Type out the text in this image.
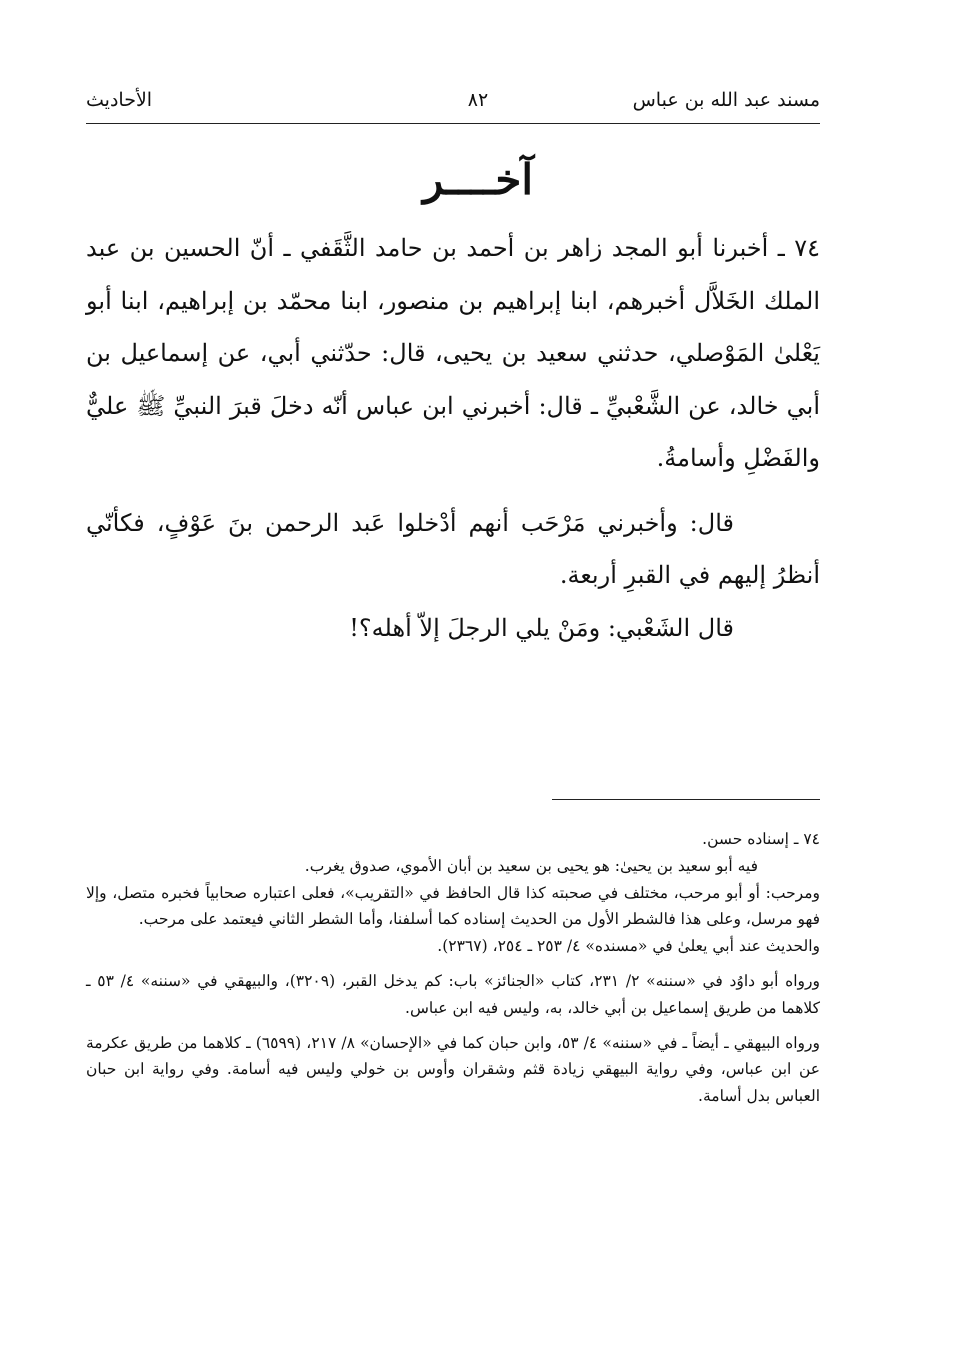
مسند عبد الله بن عباس
٨٢
الأحاديث
آخــــر

٧٤ ـ أخبرنا أبو المجد زاهر بن أحمد بن حامد الثَّقَفي ـ أنّ الحسين بن عبد الملك الخَلاَّل أخبرهم، ابنا إبراهيم بن منصور، ابنا محمّد بن إبراهيم، ابنا أبو يَعْلىٰ المَوْصلي، حدثني سعيد بن يحيى، قال: حدّثني أبي، عن إسماعيل بن أبي خالد، عن الشَّعْبيِّ ـ قال: أخبرني ابن عباس أنّه دخلَ قبرَ النبيِّ ﷺ عليٌّ والفَضْلِ وأسامةُ.

قال: وأخبرني مَرْحَب أنهم أدْخلوا عَبد الرحمن بنَ عَوْفٍ، فكأنّي أنظرُ إليهم في القبرِ أربعة.

قال الشَعْبي: ومَنْ يلي الرجلَ إلاّ أهله؟!

٧٤ ـ إسناده حسن.

فيه أبو سعيد بن يحيىٰ: هو يحيى بن سعيد بن أبان الأموي، صدوق يغرب.

ومرحب: أو أبو مرحب، مختلف في صحبته كذا قال الحافظ في «التقريب»، فعلى اعتباره صحابياً فخبره متصل، وإلا فهو مرسل، وعلى هذا فالشطر الأول من الحديث إسناده كما أسلفنا، وأما الشطر الثاني فيعتمد على مرحب.

والحديث عند أبي يعلىٰ في «مسنده» ٤/ ٢٥٣ ـ ٢٥٤، (٢٣٦٧).

ورواه أبو داوُد في «سننه» ٢/ ٢٣١، كتاب «الجنائز» باب: كم يدخل القبر، (٣٢٠٩)، والبيهقي في «سننه» ٤/ ٥٣ ـ كلاهما من طريق إسماعيل بن أبي خالد، به، وليس فيه ابن عباس.

ورواه البيهقي ـ أيضاً ـ في «سننه» ٤/ ٥٣، وابن حبان كما في «الإحسان» ٨/ ٢١٧، (٦٥٩٩) ـ كلاهما من طريق عكرمة عن ابن عباس، وفي رواية البيهقي زيادة قثم وشقران وأوس بن خولي وليس فيه أسامة. وفي رواية ابن حبان العباس بدل أسامة.
